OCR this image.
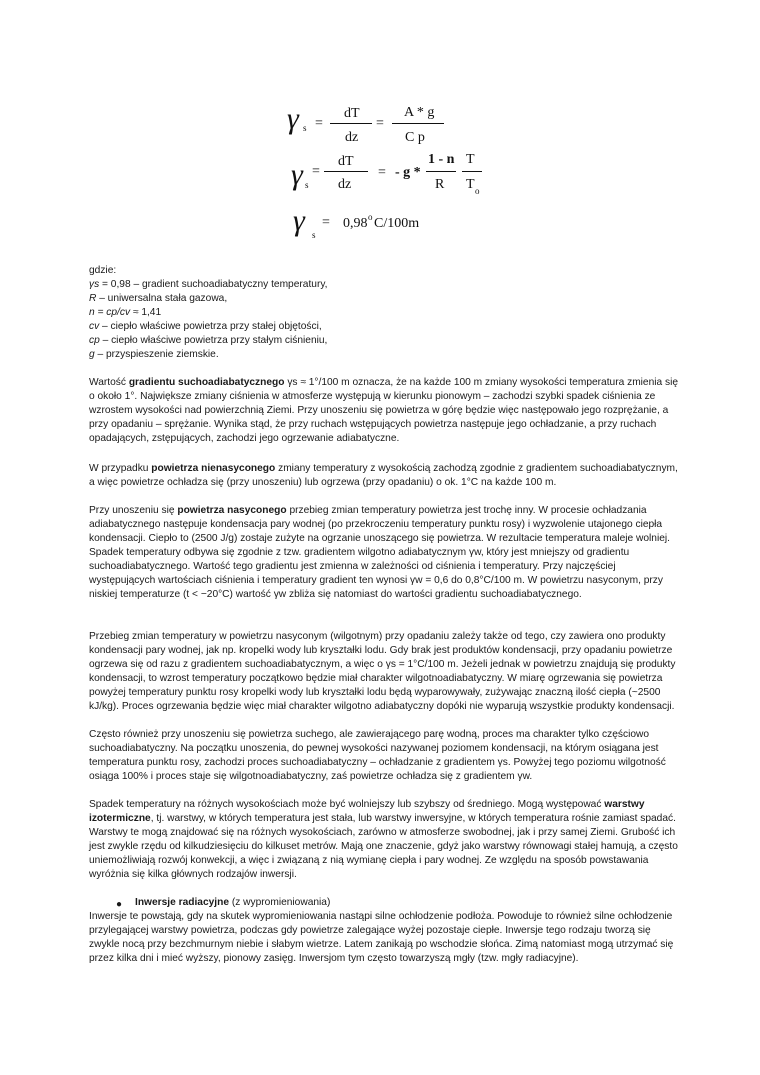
γ s =
dT
dz
=
A * g
C p
γ s
=
dT
dz
= - g *
1 - n
R
T
T o
γ s
= 0,98 o C/100m

gdzie:

γs = 0,98 – gradient suchoadiabatyczny temperatury,

R – uniwersalna stała gazowa,

n = cp/cv ≈ 1,41

cv – ciepło właściwe powietrza przy stałej objętości,

cp – ciepło właściwe powietrza przy stałym ciśnieniu,

g – przyspieszenie ziemskie.

Wartość gradientu suchoadiabatycznego γs ≈ 1°/100 m oznacza, że na każde 100 m zmiany wysokości temperatura zmienia się o około 1°. Największe zmiany ciśnienia w atmosferze występują w kierunku pionowym – zachodzi szybki spadek ciśnienia ze wzrostem wysokości nad powierzchnią Ziemi. Przy unoszeniu się powietrza w górę będzie więc następowało jego rozprężanie, a przy opadaniu – sprężanie. Wynika stąd, że przy ruchach wstępujących powietrza następuje jego ochładzanie, a przy ruchach opadających, zstępujących, zachodzi jego ogrzewanie adiabatyczne.

W przypadku powietrza nienasyconego zmiany temperatury z wysokością zachodzą zgodnie z gradientem suchoadiabatycznym, a więc powietrze ochładza się (przy unoszeniu) lub ogrzewa (przy opadaniu) o ok. 1°C na każde 100 m.

Przy unoszeniu się powietrza nasyconego przebieg zmian temperatury powietrza jest trochę inny. W procesie ochładzania adiabatycznego następuje kondensacja pary wodnej (po przekroczeniu temperatury punktu rosy) i wyzwolenie utajonego ciepła kondensacji. Ciepło to (2500 J/g) zostaje zużyte na ogrzanie unoszącego się powietrza. W rezultacie temperatura maleje wolniej. Spadek temperatury odbywa się zgodnie z tzw. gradientem wilgotno adiabatycznym γw, który jest mniejszy od gradientu suchoadiabatycznego. Wartość tego gradientu jest zmienna w zależności od ciśnienia i temperatury. Przy najczęściej występujących wartościach ciśnienia i temperatury gradient ten wynosi γw = 0,6 do 0,8°C/100 m. W powietrzu nasyconym, przy niskiej temperaturze (t < −20°C) wartość γw zbliża się natomiast do wartości gradientu suchoadiabatycznego.

Przebieg zmian temperatury w powietrzu nasyconym (wilgotnym) przy opadaniu zależy także od tego, czy zawiera ono produkty kondensacji pary wodnej, jak np. kropelki wody lub kryształki lodu. Gdy brak jest produktów kondensacji, przy opadaniu powietrze ogrzewa się od razu z gradientem suchoadiabatycznym, a więc o γs = 1°C/100 m. Jeżeli jednak w powietrzu znajdują się produkty kondensacji, to wzrost temperatury początkowo będzie miał charakter wilgotnoadiabatyczny. W miarę ogrzewania się powietrza powyżej temperatury punktu rosy kropelki wody lub kryształki lodu będą wyparowywały, zużywając znaczną ilość ciepła (~2500 kJ/kg). Proces ogrzewania będzie więc miał charakter wilgotno adiabatyczny dopóki nie wyparują wszystkie produkty kondensacji.

Często również przy unoszeniu się powietrza suchego, ale zawierającego parę wodną, proces ma charakter tylko częściowo suchoadiabatyczny. Na początku unoszenia, do pewnej wysokości nazywanej poziomem kondensacji, na którym osiągana jest temperatura punktu rosy, zachodzi proces suchoadiabatyczny – ochładzanie z gradientem γs. Powyżej tego poziomu wilgotność osiąga 100% i proces staje się wilgotnoadiabatyczny, zaś powietrze ochładza się z gradientem γw.

Spadek temperatury na różnych wysokościach może być wolniejszy lub szybszy od średniego. Mogą występować warstwy izotermiczne, tj. warstwy, w których temperatura jest stała, lub warstwy inwersyjne, w których temperatura rośnie zamiast spadać. Warstwy te mogą znajdować się na różnych wysokościach, zarówno w atmosferze swobodnej, jak i przy samej Ziemi. Grubość ich jest zwykle rzędu od kilkudziesięciu do kilkuset metrów. Mają one znaczenie, gdyż jako warstwy równowagi stałej hamują, a często uniemożliwiają rozwój konwekcji, a więc i związaną z nią wymianę ciepła i pary wodnej. Ze względu na sposób powstawania wyróżnia się kilka głównych rodzajów inwersji.

● Inwersje radiacyjne (z wypromieniowania)

Inwersje te powstają, gdy na skutek wypromieniowania nastąpi silne ochłodzenie podłoża. Powoduje to również silne ochłodzenie przylegającej warstwy powietrza, podczas gdy powietrze zalegające wyżej pozostaje ciepłe. Inwersje tego rodzaju tworzą się zwykle nocą przy bezchmurnym niebie i słabym wietrze. Latem zanikają po wschodzie słońca. Zimą natomiast mogą utrzymać się przez kilka dni i mieć wyższy, pionowy zasięg. Inwersjom tym często towarzyszą mgły (tzw. mgły radiacyjne).
